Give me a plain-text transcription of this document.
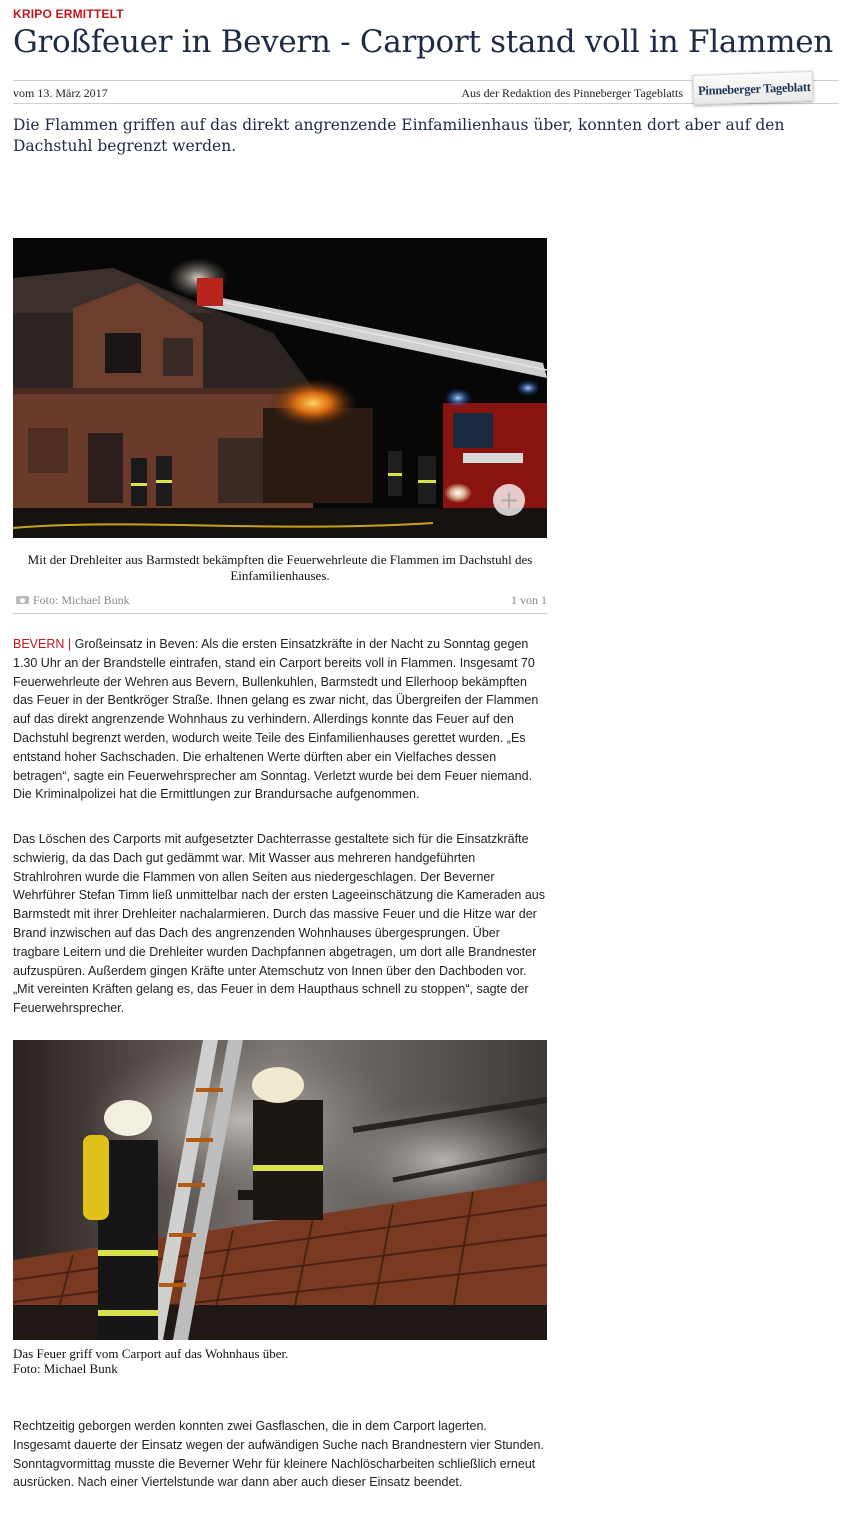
KRIPO ERMITTELT
Großfeuer in Bevern - Carport stand voll in Flammen
vom 13. März 2017	Aus der Redaktion des Pinneberger Tageblatts Pinneberger Tageblatt

Die Flammen griffen auf das direkt angrenzende Einfamilienhaus über, konnten dort aber auf den Dachstuhl begrenzt werden.

+
Mit der Drehleiter aus Barmstedt bekämpften die Feuerwehrleute die Flammen im Dachstuhl des Einfamilienhauses.
Foto: Michael Bunk	1 von 1

BEVERN | Großeinsatz in Beven: Als die ersten Einsatzkräfte in der Nacht zu Sonntag gegen 1.30 Uhr an der Brandstelle eintrafen, stand ein Carport bereits voll in Flammen. Insgesamt 70 Feuerwehrleute der Wehren aus Bevern, Bullenkuhlen, Barmstedt und Ellerhoop bekämpften das Feuer in der Bentkröger Straße. Ihnen gelang es zwar nicht, das Übergreifen der Flammen auf das direkt angrenzende Wohnhaus zu verhindern. Allerdings konnte das Feuer auf den Dachstuhl begrenzt werden, wodurch weite Teile des Einfamilienhauses gerettet wurden. „Es entstand hoher Sachschaden. Die erhaltenen Werte dürften aber ein Vielfaches dessen betragen“, sagte ein Feuerwehrsprecher am Sonntag. Verletzt wurde bei dem Feuer niemand. Die Kriminalpolizei hat die Ermittlungen zur Brandursache aufgenommen.

Das Löschen des Carports mit aufgesetzter Dachterrasse gestaltete sich für die Einsatzkräfte schwierig, da das Dach gut gedämmt war. Mit Wasser aus mehreren handgeführten Strahlrohren wurde die Flammen von allen Seiten aus niedergeschlagen. Der Beverner Wehrführer Stefan Timm ließ unmittelbar nach der ersten Lageeinschätzung die Kameraden aus Barmstedt mit ihrer Drehleiter nachalarmieren. Durch das massive Feuer und die Hitze war der Brand inzwischen auf das Dach des angrenzenden Wohnhauses übergesprungen. Über tragbare Leitern und die Drehleiter wurden Dachpfannen abgetragen, um dort alle Brandnester aufzuspüren. Außerdem gingen Kräfte unter Atemschutz von Innen über den Dachboden vor. „Mit vereinten Kräften gelang es, das Feuer in dem Haupthaus schnell zu stoppen“, sagte der Feuerwehrsprecher.

Das Feuer griff vom Carport auf das Wohnhaus über.
Foto: Michael Bunk

Rechtzeitig geborgen werden konnten zwei Gasflaschen, die in dem Carport lagerten. Insgesamt dauerte der Einsatz wegen der aufwändigen Suche nach Brandnestern vier Stunden. Sonntagvormittag musste die Beverner Wehr für kleinere Nachlöscharbeiten schließlich erneut ausrücken. Nach einer Viertelstunde war dann aber auch dieser Einsatz beendet.
